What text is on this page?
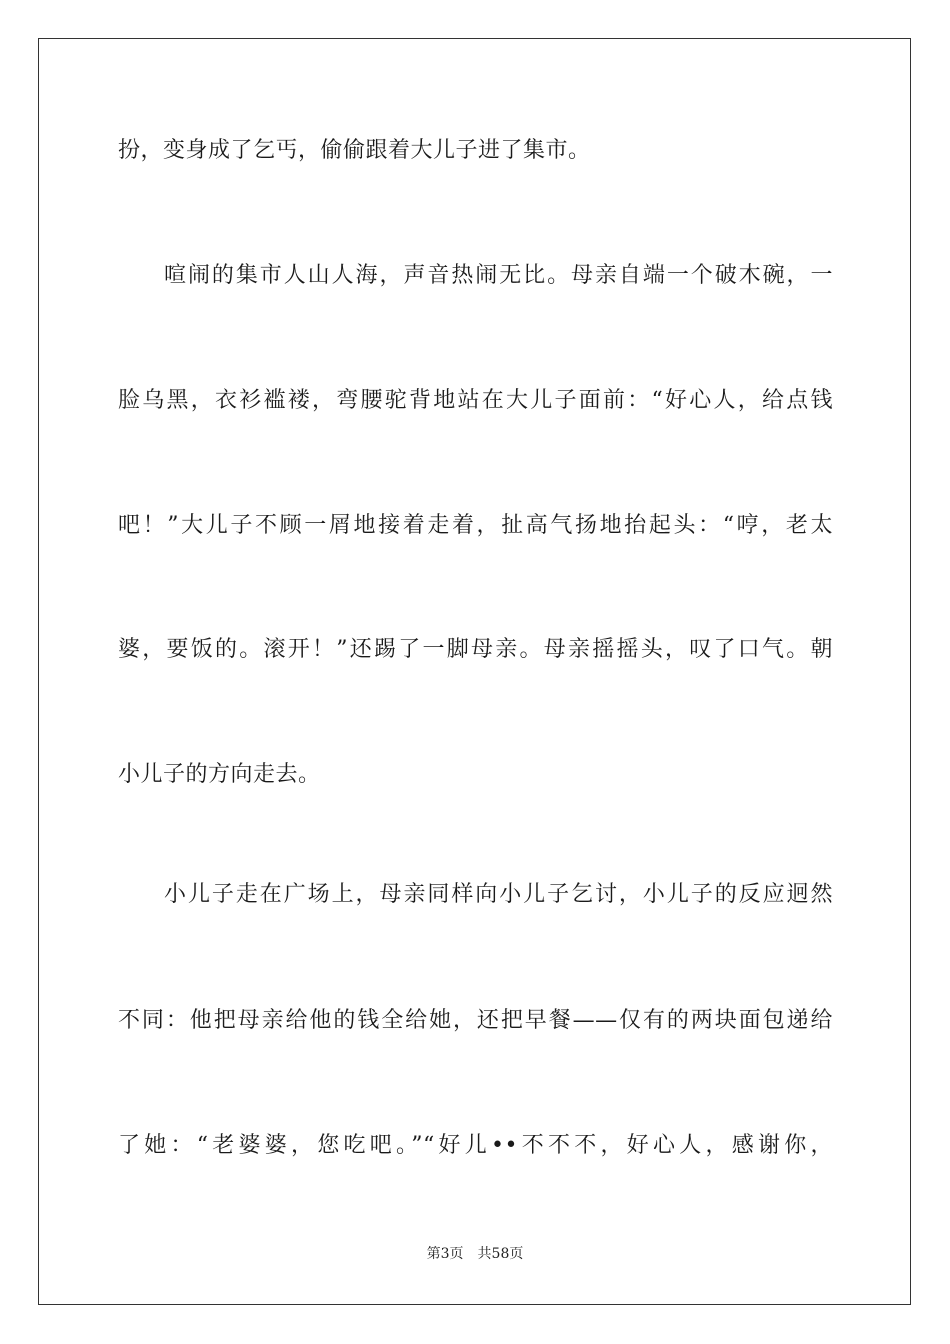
扮，变身成了乞丐，偷偷跟着大儿子进了集市。
喧闹的集市人山人海，声音热闹无比。母亲自端一个破木碗，一
脸乌黑，衣衫褴褛，弯腰驼背地站在大儿子面前：“好心人，给点钱
吧！”大儿子不顾一屑地接着走着，扯高气扬地抬起头：“哼，老太
婆，要饭的。滚开！”还踢了一脚母亲。母亲摇摇头，叹了口气。朝
小儿子的方向走去。
小儿子走在广场上，母亲同样向小儿子乞讨，小儿子的反应迥然
不同：他把母亲给他的钱全给她，还把早餐——仅有的两块面包递给
了她：“老婆婆，您吃吧。”“好儿••不不不，好心人，感谢你，
第3页 共58页
